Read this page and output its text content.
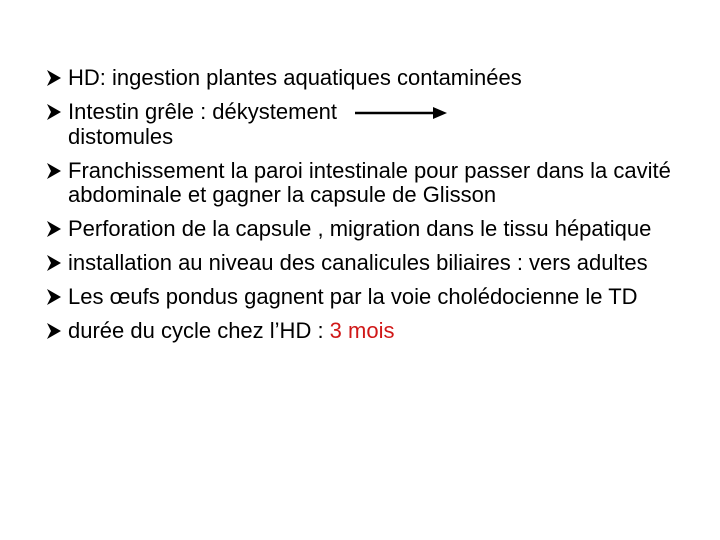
HD: ingestion plantes aquatiques contaminées
Intestin grêle : dékystement
distomules
Franchissement la paroi intestinale pour passer dans la cavité abdominale et gagner la capsule de Glisson
Perforation de la capsule , migration dans le tissu hépatique
installation au niveau des canalicules biliaires : vers adultes
Les œufs pondus gagnent par la voie cholédocienne le TD
durée du cycle chez l’HD : 3 mois
